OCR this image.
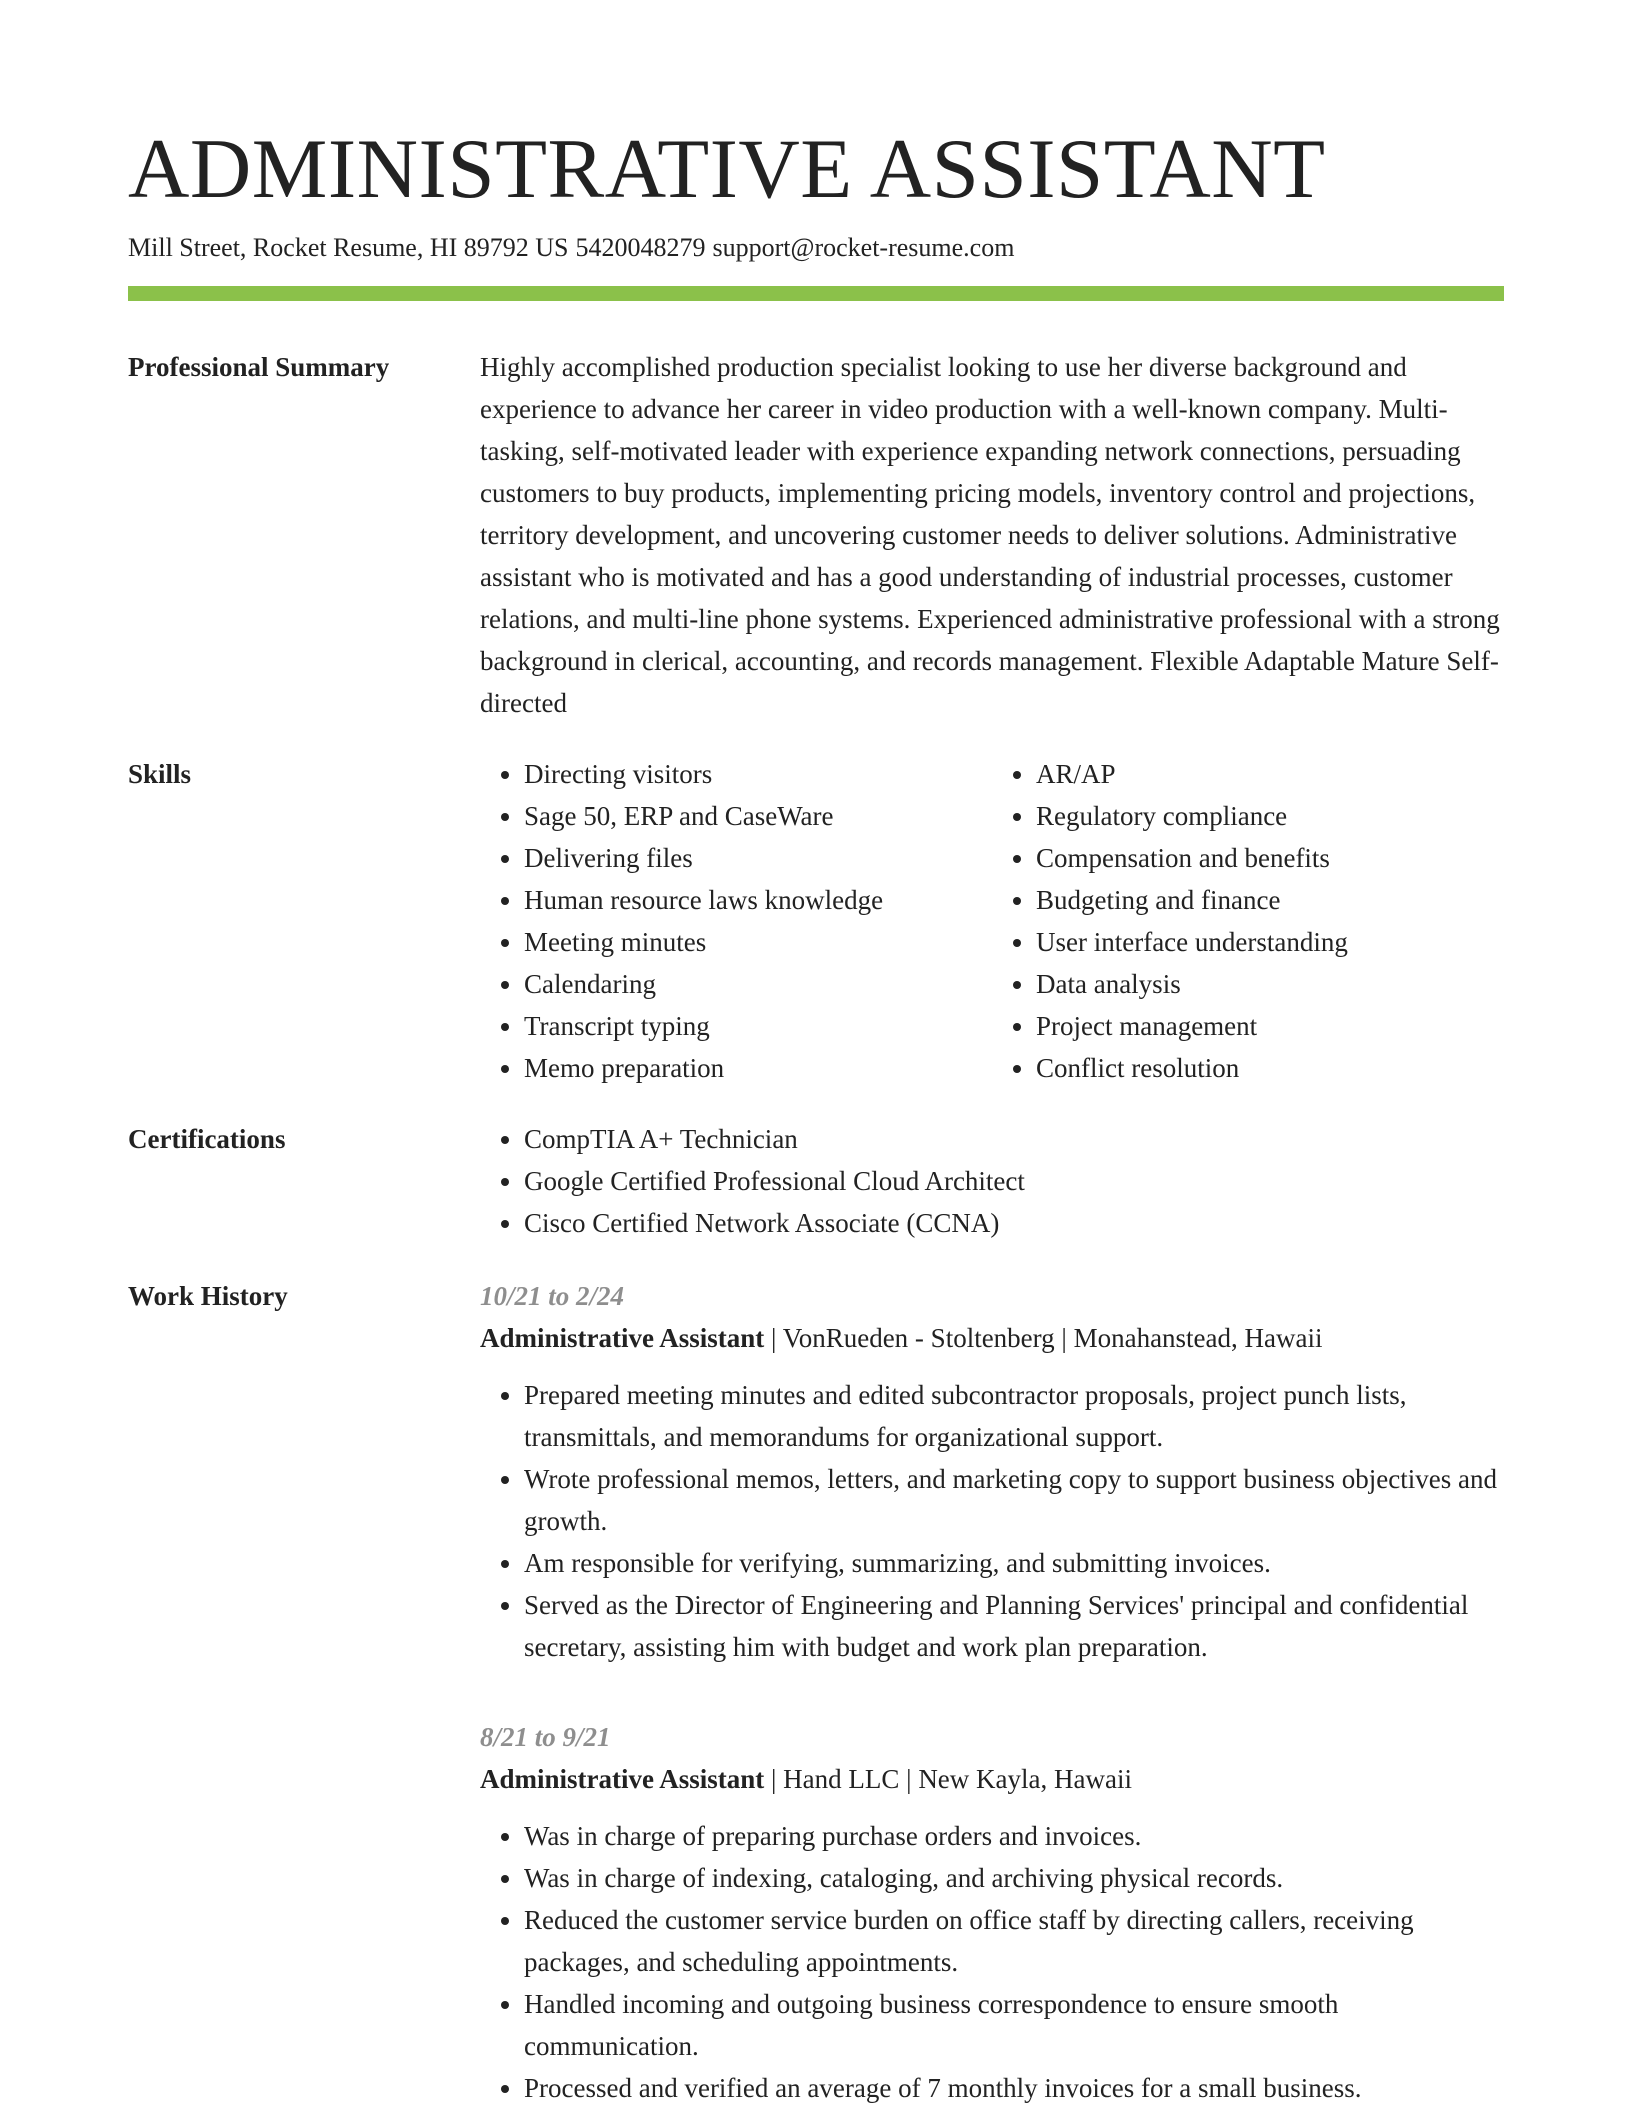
ADMINISTRATIVE ASSISTANT
Mill Street, Rocket Resume, HI 89792 US 5420048279 support@rocket-resume.com
Professional Summary	Highly accomplished production specialist looking to use her diverse background and experience to advance her career in video production with a well-known company. Multi-tasking, self-motivated leader with experience expanding network connections, persuading customers to buy products, implementing pricing models, inventory control and projections, territory development, and uncovering customer needs to deliver solutions. Administrative assistant who is motivated and has a good understanding of industrial processes, customer relations, and multi-line phone systems. Experienced administrative professional with a strong background in clerical, accounting, and records management. Flexible Adaptable Mature Self-directed

Skills	• Directing visitors
• Sage 50, ERP and CaseWare
• Delivering files
• Human resource laws knowledge
• Meeting minutes
• Calendaring
• Transcript typing
• Memo preparation
• AR/AP
• Regulatory compliance
• Compensation and benefits
• Budgeting and finance
• User interface understanding
• Data analysis
• Project management
• Conflict resolution
Certifications	• CompTIA A+ Technician
• Google Certified Professional Cloud Architect
• Cisco Certified Network Associate (CCNA)
Work History	10/21 to 2/24
Administrative Assistant | VonRueden - Stoltenberg | Monahanstead, Hawaii
• Prepared meeting minutes and edited subcontractor proposals, project punch lists, transmittals, and memorandums for organizational support.
• Wrote professional memos, letters, and marketing copy to support business objectives and growth.
• Am responsible for verifying, summarizing, and submitting invoices.
• Served as the Director of Engineering and Planning Services' principal and confidential secretary, assisting him with budget and work plan preparation.
8/21 to 9/21
Administrative Assistant | Hand LLC | New Kayla, Hawaii
• Was in charge of preparing purchase orders and invoices.
• Was in charge of indexing, cataloging, and archiving physical records.
• Reduced the customer service burden on office staff by directing callers, receiving packages, and scheduling appointments.
• Handled incoming and outgoing business correspondence to ensure smooth communication.
• Processed and verified an average of 7 monthly invoices for a small business.
